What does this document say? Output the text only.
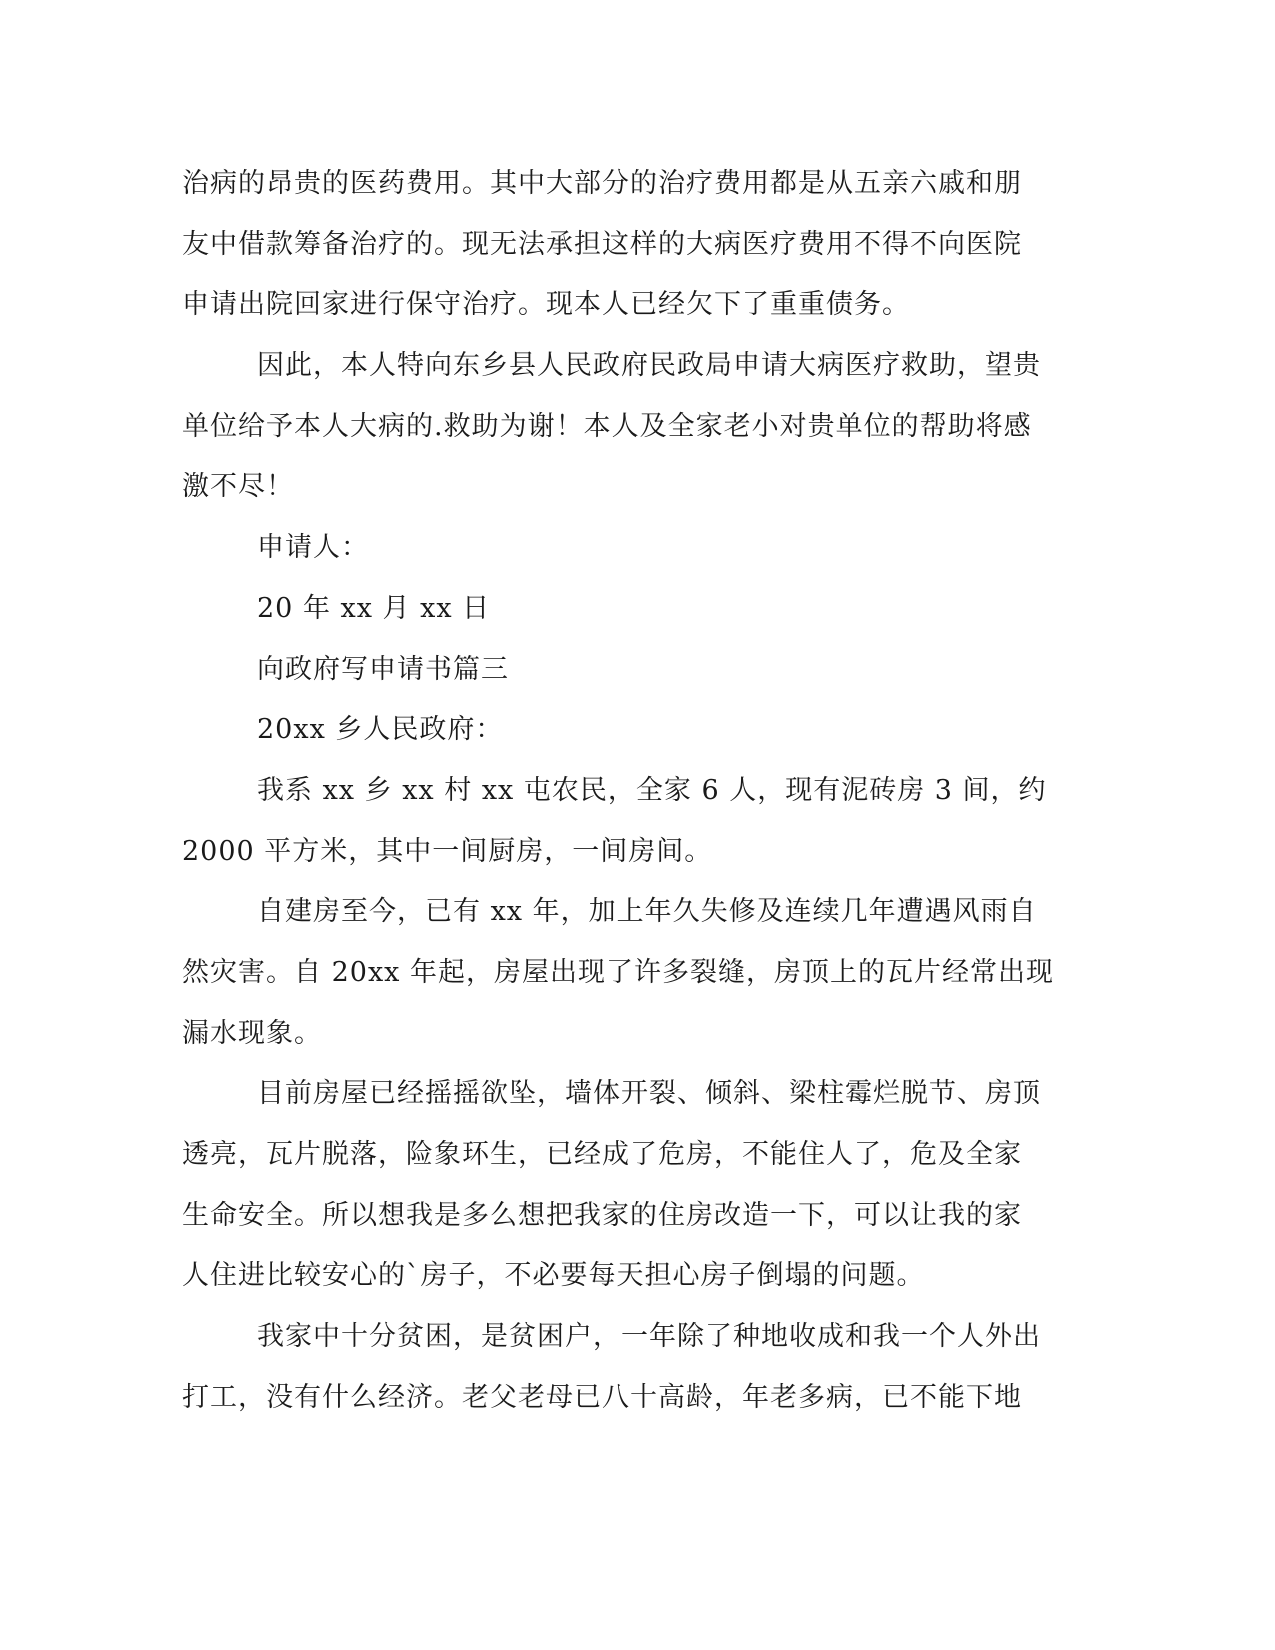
治病的昂贵的医药费用。其中大部分的治疗费用都是从五亲六戚和朋
友中借款筹备治疗的。现无法承担这样的大病医疗费用不得不向医院
申请出院回家进行保守治疗。现本人已经欠下了重重债务。
因此，本人特向东乡县人民政府民政局申请大病医疗救助，望贵
单位给予本人大病的.救助为谢！本人及全家老小对贵单位的帮助将感
激不尽！
申请人：
20 年 xx 月 xx 日
向政府写申请书篇三
20xx 乡人民政府：
我系 xx 乡 xx 村 xx 屯农民，全家 6 人，现有泥砖房 3 间，约
2000 平方米，其中一间厨房，一间房间。
自建房至今，已有 xx 年，加上年久失修及连续几年遭遇风雨自
然灾害。自 20xx 年起，房屋出现了许多裂缝，房顶上的瓦片经常出现
漏水现象。
目前房屋已经摇摇欲坠，墙体开裂、倾斜、梁柱霉烂脱节、房顶
透亮，瓦片脱落，险象环生，已经成了危房，不能住人了，危及全家
生命安全。所以想我是多么想把我家的住房改造一下，可以让我的家
人住进比较安心的`房子，不必要每天担心房子倒塌的问题。
我家中十分贫困，是贫困户，一年除了种地收成和我一个人外出
打工，没有什么经济。老父老母已八十高龄，年老多病，已不能下地
